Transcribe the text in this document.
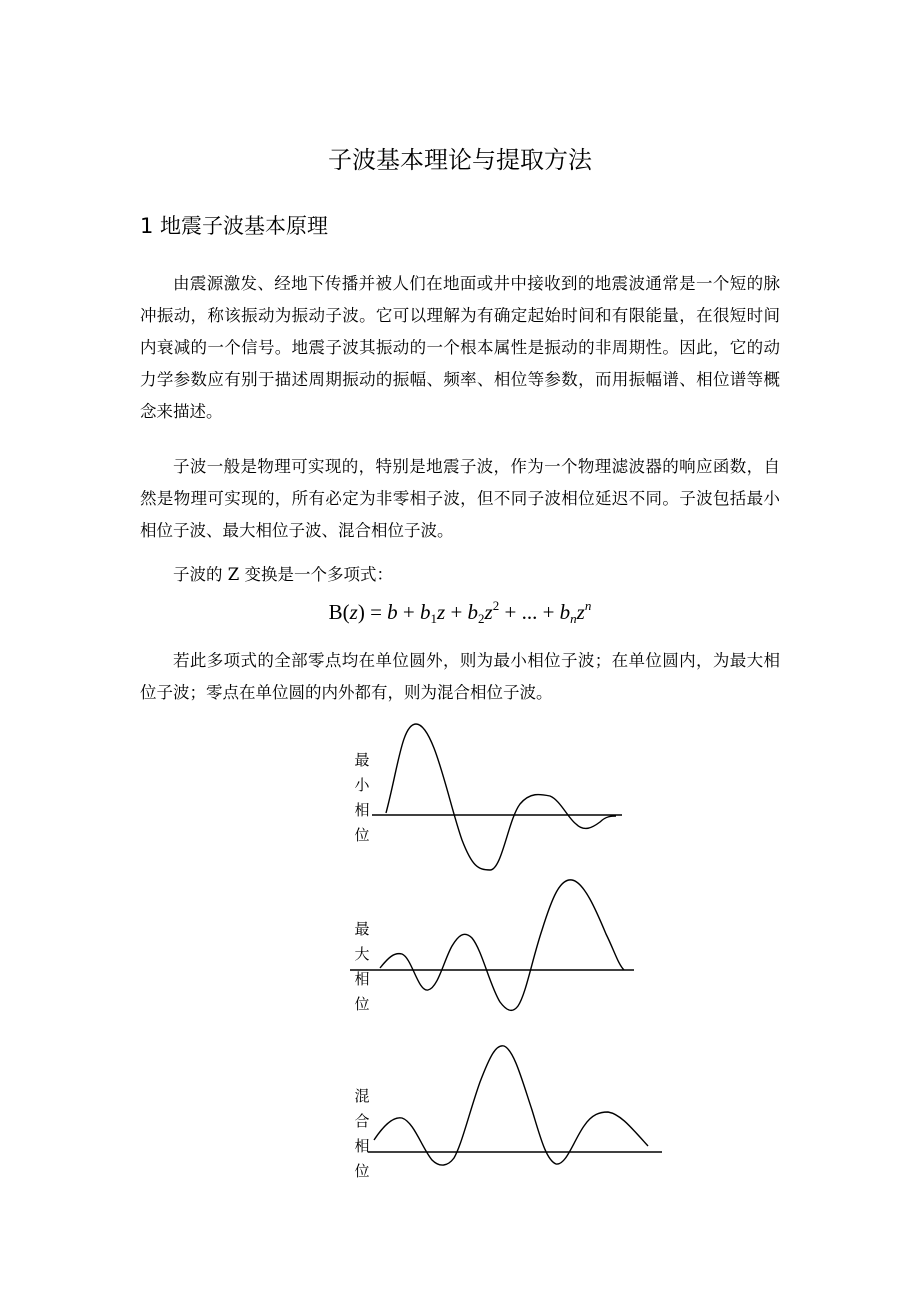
子波基本理论与提取方法
1 地震子波基本原理
由震源激发、经地下传播并被人们在地面或井中接收到的地震波通常是一个短的脉冲振动，称该振动为振动子波。它可以理解为有确定起始时间和有限能量，在很短时间内衰减的一个信号。地震子波其振动的一个根本属性是振动的非周期性。因此，它的动力学参数应有别于描述周期振动的振幅、频率、相位等参数，而用振幅谱、相位谱等概念来描述。
子波一般是物理可实现的，特别是地震子波，作为一个物理滤波器的响应函数，自然是物理可实现的，所有必定为非零相子波，但不同子波相位延迟不同。子波包括最小相位子波、最大相位子波、混合相位子波。
子波的 Z 变换是一个多项式：
$B(z) = b + b_1z + b_2z^2$ + ... + $b_nz^n$
若此多项式的全部零点均在单位圆外，则为最小相位子波；在单位圆内，为最大相位子波；零点在单位圆的内外都有，则为混合相位子波。
最
小
相
位
最
大
相
位
混
合
相
位
